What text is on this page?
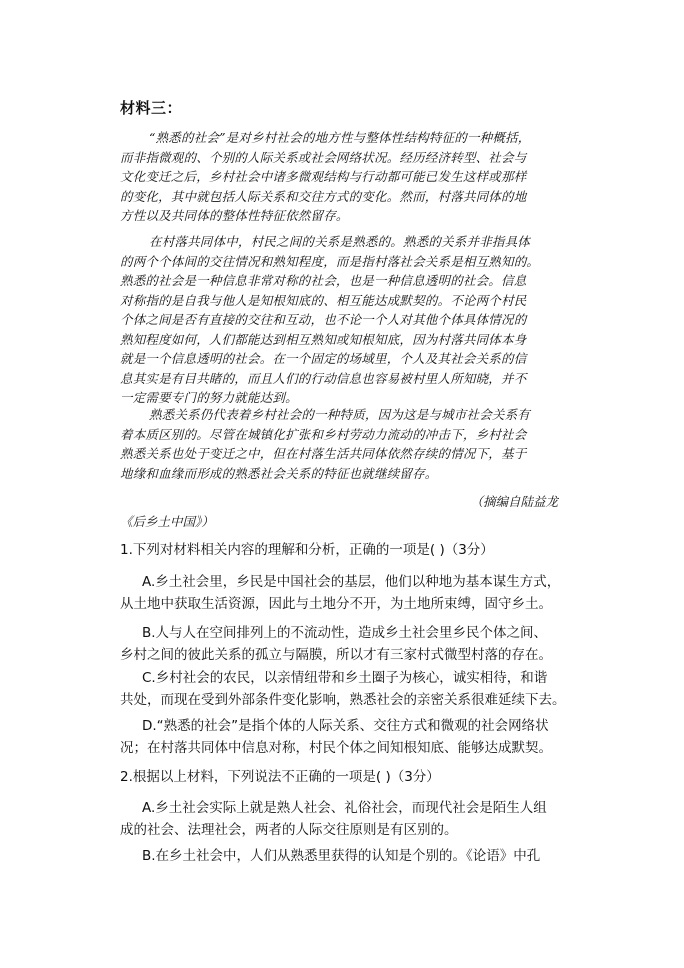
材料三：
“熟悉的社会”是对乡村社会的地方性与整体性结构特征的一种概括，
而非指微观的、个别的人际关系或社会网络状况。经历经济转型、社会与
文化变迁之后，乡村社会中诸多微观结构与行动都可能已发生这样或那样
的变化，其中就包括人际关系和交往方式的变化。然而，村落共同体的地
方性以及共同体的整体性特征依然留存。
在村落共同体中，村民之间的关系是熟悉的。熟悉的关系并非指具体
的两个个体间的交往情况和熟知程度，而是指村落社会关系是相互熟知的。
熟悉的社会是一种信息非常对称的社会，也是一种信息透明的社会。信息
对称指的是自我与他人是知根知底的、相互能达成默契的。不论两个村民
个体之间是否有直接的交往和互动，也不论一个人对其他个体具体情况的
熟知程度如何，人们都能达到相互熟知或知根知底，因为村落共同体本身
就是一个信息透明的社会。在一个固定的场域里，个人及其社会关系的信
息其实是有目共睹的，而且人们的行动信息也容易被村里人所知晓，并不
一定需要专门的努力就能达到。
熟悉关系仍代表着乡村社会的一种特质，因为这是与城市社会关系有
着本质区别的。尽管在城镇化扩张和乡村劳动力流动的冲击下，乡村社会
熟悉关系也处于变迁之中，但在村落生活共同体依然存续的情况下，基于
地缘和血缘而形成的熟悉社会关系的特征也就继续留存。
（摘编自陆益龙
《后乡土中国》）
1.下列对材料相关内容的理解和分析，正确的一项是( )（3分）
A.乡土社会里，乡民是中国社会的基层，他们以种地为基本谋生方式，
从土地中获取生活资源，因此与土地分不开，为土地所束缚，固守乡土。
B.人与人在空间排列上的不流动性，造成乡土社会里乡民个体之间、
乡村之间的彼此关系的孤立与隔膜，所以才有三家村式微型村落的存在。
C.乡村社会的农民，以亲情纽带和乡土圈子为核心，诚实相待，和谐
共处，而现在受到外部条件变化影响，熟悉社会的亲密关系很难延续下去。
D.“熟悉的社会”是指个体的人际关系、交往方式和微观的社会网络状
况；在村落共同体中信息对称，村民个体之间知根知底、能够达成默契。
2.根据以上材料，下列说法不正确的一项是( )（3分）
A.乡土社会实际上就是熟人社会、礼俗社会，而现代社会是陌生人组
成的社会、法理社会，两者的人际交往原则是有区别的。
B.在乡土社会中，人们从熟悉里获得的认知是个别的。《论语》中孔
